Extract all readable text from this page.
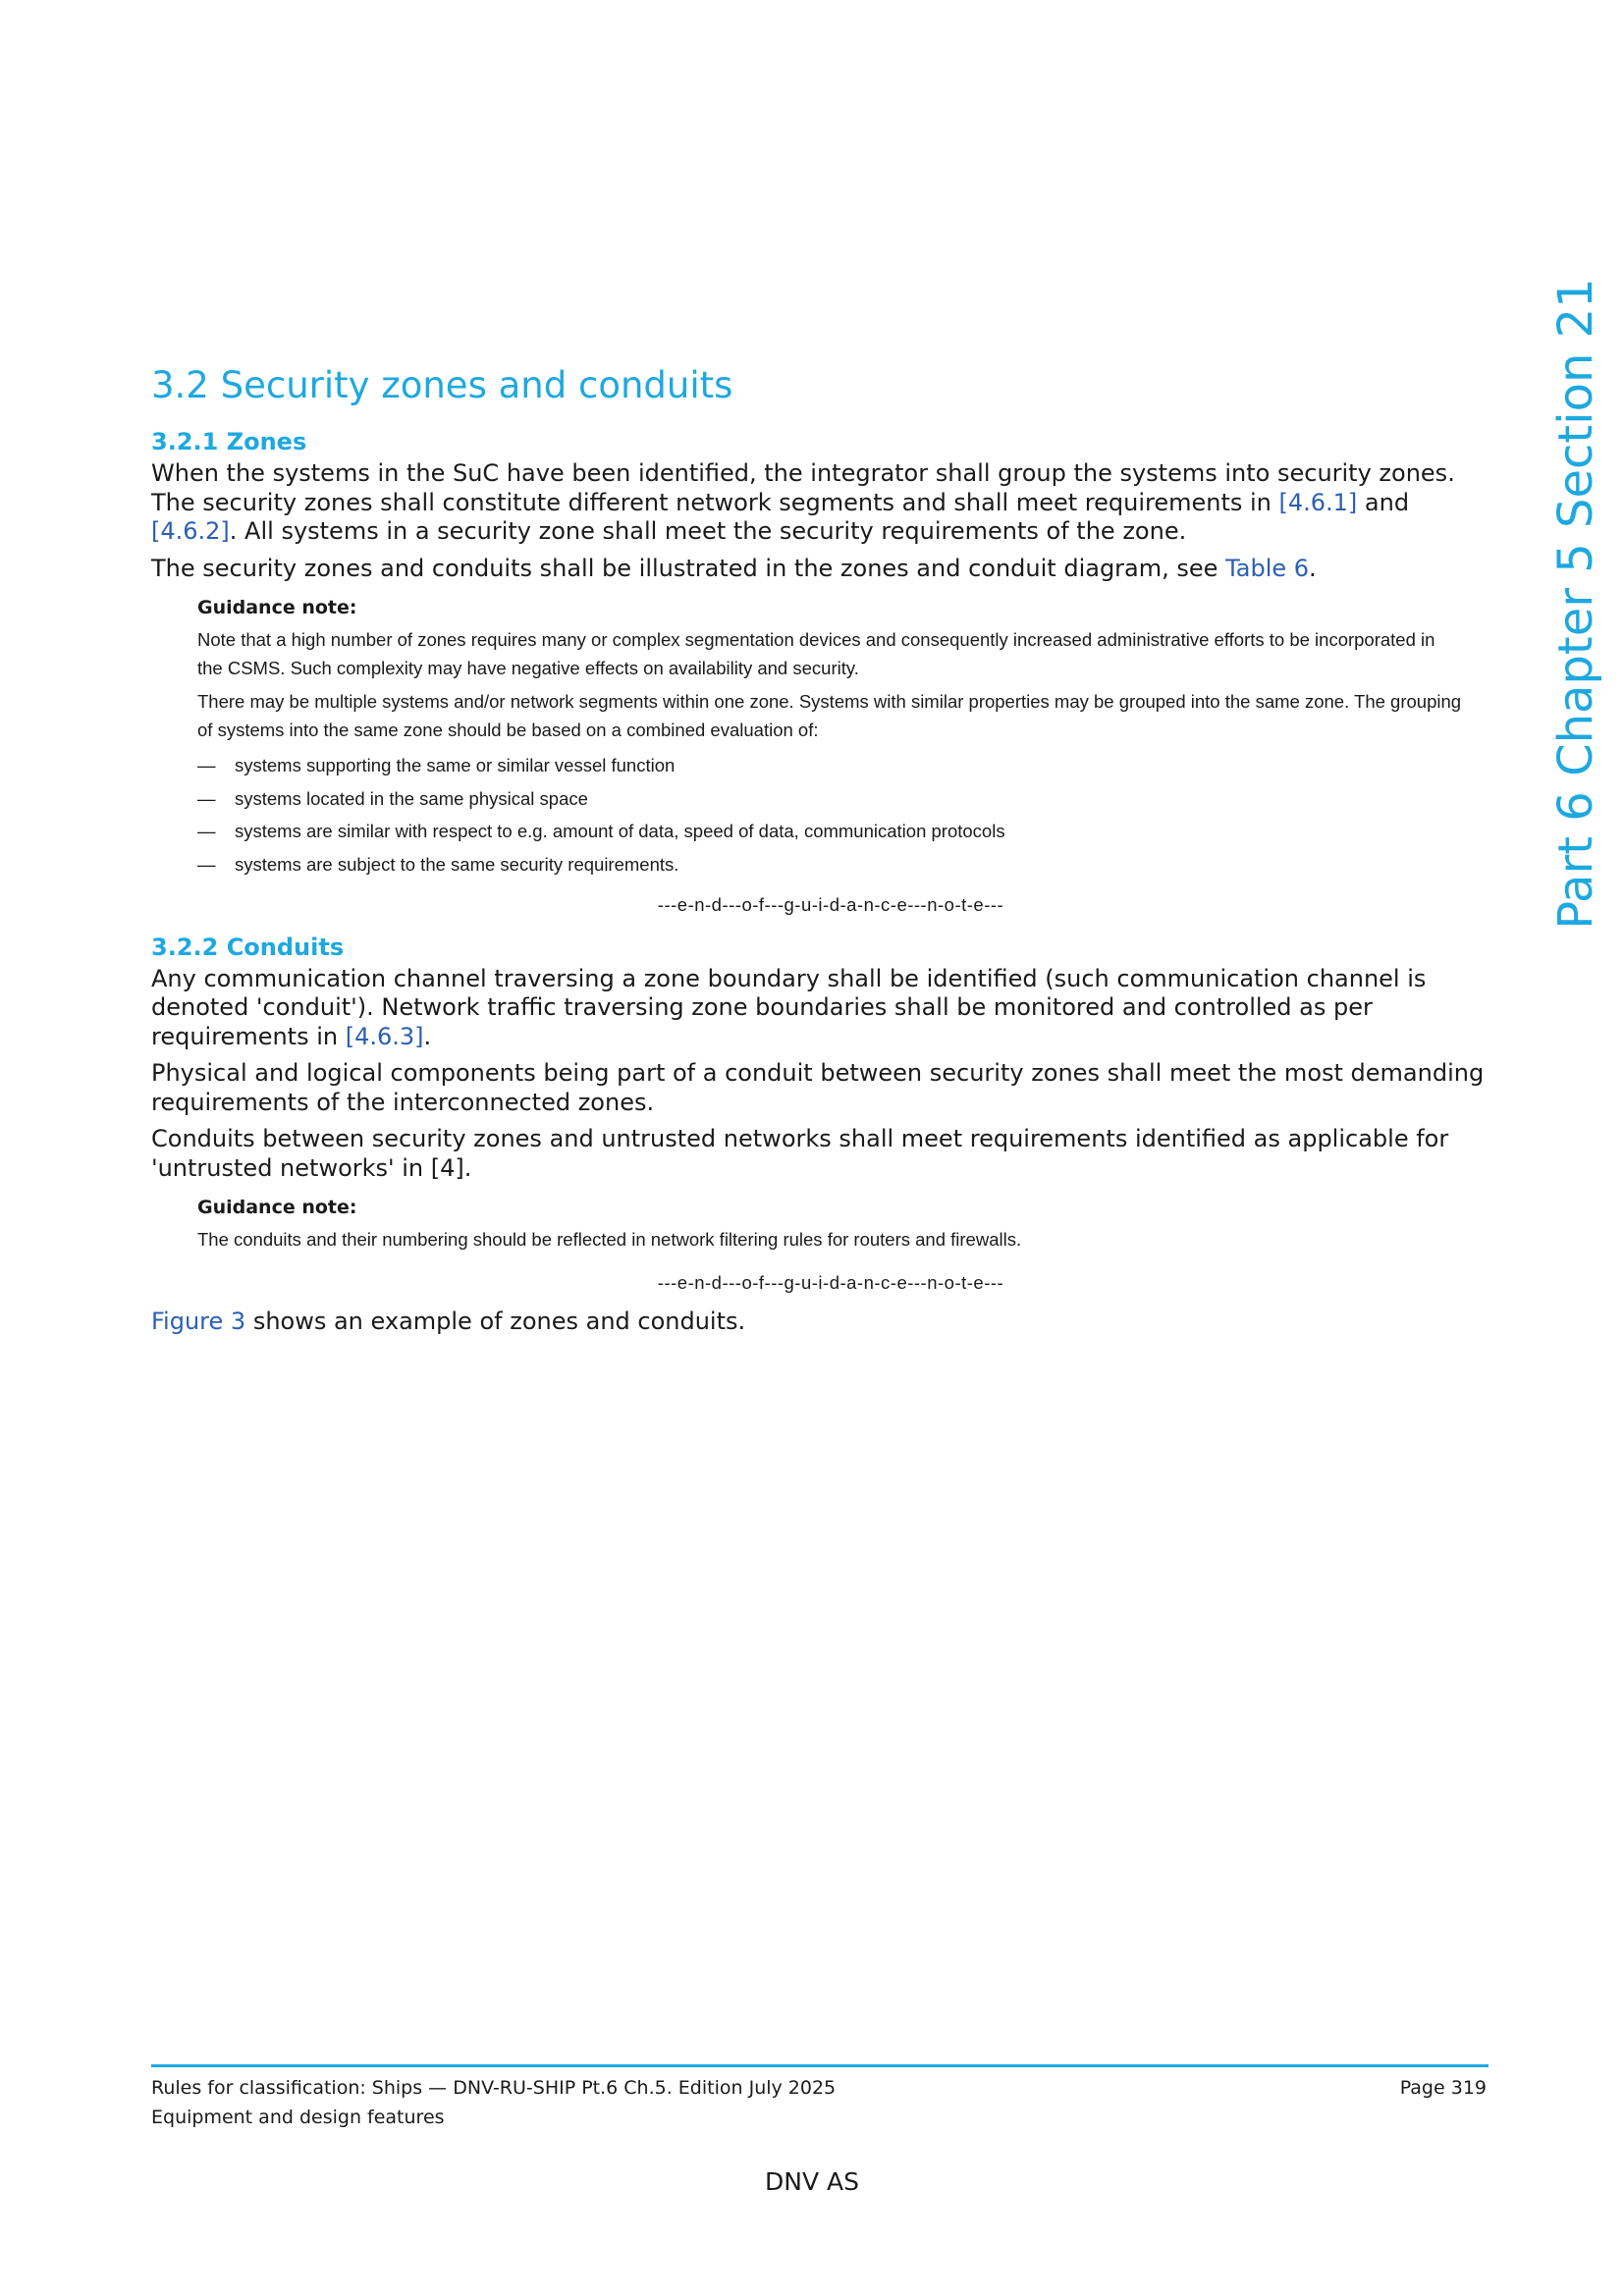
Part 6 Chapter 5 Section 21
3.2 Security zones and conduits
3.2.1 Zones

When the systems in the SuC have been identified, the integrator shall group the systems into security zones. The security zones shall constitute different network segments and shall meet requirements in [4.6.1] and [4.6.2]. All systems in a security zone shall meet the security requirements of the zone.

The security zones and conduits shall be illustrated in the zones and conduit diagram, see Table 6.

Guidance note:

Note that a high number of zones requires many or complex segmentation devices and consequently increased administrative efforts to be incorporated in the CSMS. Such complexity may have negative effects on availability and security.

There may be multiple systems and/or network segments within one zone. Systems with similar properties may be grouped into the same zone. The grouping of systems into the same zone should be based on a combined evaluation of:

—	systems supporting the same or similar vessel function
—	systems located in the same physical space
—	systems are similar with respect to e.g. amount of data, speed of data, communication protocols
—	systems are subject to the same security requirements.
---e-n-d---o-f---g-u-i-d-a-n-c-e---n-o-t-e---
3.2.2 Conduits

Any communication channel traversing a zone boundary shall be identified (such communication channel is denoted 'conduit'). Network traffic traversing zone boundaries shall be monitored and controlled as per requirements in [4.6.3].

Physical and logical components being part of a conduit between security zones shall meet the most demanding requirements of the interconnected zones.

Conduits between security zones and untrusted networks shall meet requirements identified as applicable for 'untrusted networks' in [4].

Guidance note:

The conduits and their numbering should be reflected in network filtering rules for routers and firewalls.

---e-n-d---o-f---g-u-i-d-a-n-c-e---n-o-t-e---

Figure 3 shows an example of zones and conduits.

Rules for classification: Ships — DNV-RU-SHIP Pt.6 Ch.5. Edition July 2025
Equipment and design features
Page 319
DNV AS
